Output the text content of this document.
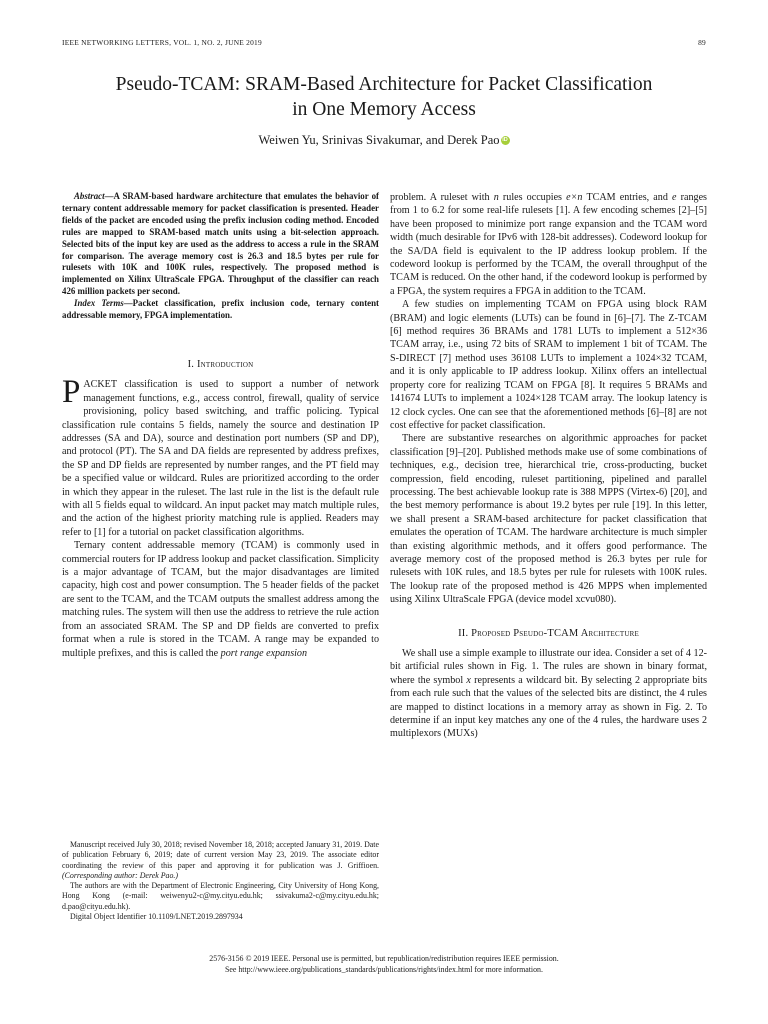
IEEE NETWORKING LETTERS, VOL. 1, NO. 2, JUNE 2019	89
Pseudo-TCAM: SRAM-Based Architecture for Packet Classification
in One Memory Access
Weiwen Yu, Srinivas Sivakumar, and Derek Pao iD

Abstract—A SRAM-based hardware architecture that emulates the behavior of ternary content addressable memory for packet classification is presented. Header fields of the packet are encoded using the prefix inclusion coding method. Encoded rules are mapped to SRAM-based match units using a bit-selection approach. Selected bits of the input key are used as the address to access a rule in the SRAM for comparison. The average memory cost is 26.3 and 18.5 bytes per rule for rulesets with 10K and 100K rules, respectively. The proposed method is implemented on Xilinx UltraScale FPGA. Throughput of the classifier can reach 426 million packets per second.

Index Terms—Packet classification, prefix inclusion code, ternary content addressable memory, FPGA implementation.

I. Introduction

PACKET classification is used to support a number of network management functions, e.g., access control, firewall, quality of service provisioning, policy based switching, and traffic policing. Typical classification rule contains 5 fields, namely the source and destination IP addresses (SA and DA), source and destination port numbers (SP and DP), and protocol (PT). The SA and DA fields are represented by address prefixes, the SP and DP fields are represented by number ranges, and the PT field may be a specified value or wildcard. Rules are prioritized according to the order in which they appear in the ruleset. The last rule in the list is the default rule with all 5 fields equal to wildcard. An input packet may match multiple rules, and the action of the highest priority matching rule is applied. Readers may refer to [1] for a tutorial on packet classification algorithms.

Ternary content addressable memory (TCAM) is commonly used in commercial routers for IP address lookup and packet classification. Simplicity is a major advantage of TCAM, but the major disadvantages are limited capacity, high cost and power consumption. The 5 header fields of the packet are sent to the TCAM, and the TCAM outputs the smallest address among the matching rules. The system will then use the address to retrieve the rule action from an associated SRAM. The SP and DP fields are converted to prefix format when a rule is stored in the TCAM. A range may be expanded to multiple prefixes, and this is called the port range expansion

Manuscript received July 30, 2018; revised November 18, 2018; accepted January 31, 2019. Date of publication February 6, 2019; date of current version May 23, 2019. The associate editor coordinating the review of this paper and approving it for publication was J. Griffioen. (Corresponding author: Derek Pao.)

The authors are with the Department of Electronic Engineering, City University of Hong Kong, Hong Kong (e-mail: weiwenyu2-c@my.cityu.edu.hk; ssivakuma2-c@my.cityu.edu.hk; d.pao@cityu.edu.hk).

Digital Object Identifier 10.1109/LNET.2019.2897934

problem. A ruleset with n rules occupies e×n TCAM entries, and e ranges from 1 to 6.2 for some real-life rulesets [1]. A few encoding schemes [2]–[5] have been proposed to minimize port range expansion and the TCAM word width (much desirable for IPv6 with 128-bit addresses). Codeword lookup for the SA/DA field is equivalent to the IP address lookup problem. If the codeword lookup is performed by the TCAM, the overall throughput of the TCAM is reduced. On the other hand, if the codeword lookup is performed by a FPGA, the system requires a FPGA in addition to the TCAM.

A few studies on implementing TCAM on FPGA using block RAM (BRAM) and logic elements (LUTs) can be found in [6]–[7]. The Z-TCAM [6] method requires 36 BRAMs and 1781 LUTs to implement a 512×36 TCAM array, i.e., using 72 bits of SRAM to implement 1 bit of TCAM. The S-DIRECT [7] method uses 36108 LUTs to implement a 1024×32 TCAM, and it is only applicable to IP address lookup. Xilinx offers an intellectual property core for realizing TCAM on FPGA [8]. It requires 5 BRAMs and 141674 LUTs to implement a 1024×128 TCAM array. The lookup latency is 12 clock cycles. One can see that the aforementioned methods [6]–[8] are not cost effective for packet classification.

There are substantive researches on algorithmic approaches for packet classification [9]–[20]. Published methods make use of some combinations of techniques, e.g., decision tree, hierarchical trie, cross-producting, bucket compression, field encoding, ruleset partitioning, pipelined and parallel processing. The best achievable lookup rate is 388 MPPS (Virtex-6) [20], and the best memory performance is about 19.2 bytes per rule [19]. In this letter, we shall present a SRAM-based architecture for packet classification that emulates the operation of TCAM. The hardware architecture is much simpler than existing algorithmic methods, and it offers good performance. The average memory cost of the proposed method is 26.3 bytes per rule for rulesets with 10K rules, and 18.5 bytes per rule for rulesets with 100K rules. The lookup rate of the proposed method is 426 MPPS when implemented using Xilinx UltraScale FPGA (device model xcvu080).

II. Proposed Pseudo-TCAM Architecture

We shall use a simple example to illustrate our idea. Consider a set of 4 12-bit artificial rules shown in Fig. 1. The rules are shown in binary format, where the symbol x represents a wildcard bit. By selecting 2 appropriate bits from each rule such that the values of the selected bits are distinct, the 4 rules are mapped to distinct locations in a memory array as shown in Fig. 2. To determine if an input key matches any one of the 4 rules, the hardware uses 2 multiplexors (MUXs)

2576-3156 © 2019 IEEE. Personal use is permitted, but republication/redistribution requires IEEE permission.
See http://www.ieee.org/publications_standards/publications/rights/index.html for more information.
